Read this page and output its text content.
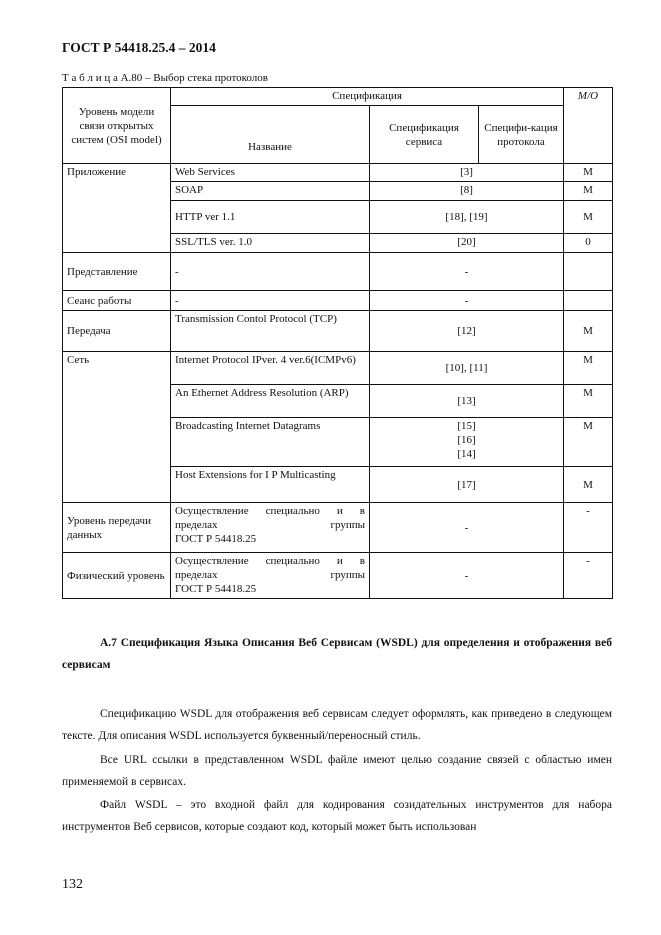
ГОСТ Р 54418.25.4 – 2014
Т а б л и ц а А.80 – Выбор стека протоколов
Уровень модели связи открытых систем (OSI model)	Спецификация			M/O
	Название	Спецификация сервиса	Специфи-кация протокола	
Приложение	Web Services	[3]		M
	SOAP	[8]		M
	HTTP ver 1.1	[18], [19]		M
	SSL/TLS ver. 1.0	[20]		0
Представление	-	-		
Сеанс работы	-	-		
Передача	Transmission Contol Protocol (TCP)	[12]		M
Сеть	Internet Protocol IPver. 4 ver.6(ICMPv6)	[10], [11]		M
	An Ethernet Address Resolution (ARP)	[13]		M
	Broadcasting Internet Datagrams	[15]
[16]
[14]		M
	Host Extensions for I P Multicasting	[17]		M
Уровень передачи данных	Осуществление специально и в пределах группы
ГОСТ Р 54418.25	-		-
Физический уровень	Осуществление специально и в пределах группы
ГОСТ Р 54418.25	-		-
А.7 Спецификация Языка Описания Веб Сервисам (WSDL) для определения и отображения веб сервисам
Спецификацию WSDL для отображения веб сервисам следует оформлять, как приведено в следующем тексте. Для описания WSDL используется буквенный/переносный стиль.
Все URL ссылки в представленном WSDL файле имеют целью создание связей с областью имен применяемой в сервисах.
Файл WSDL – это входной файл для кодирования созидательных инструментов для набора инструментов Веб сервисов, которые создают код, который может быть использован
132
